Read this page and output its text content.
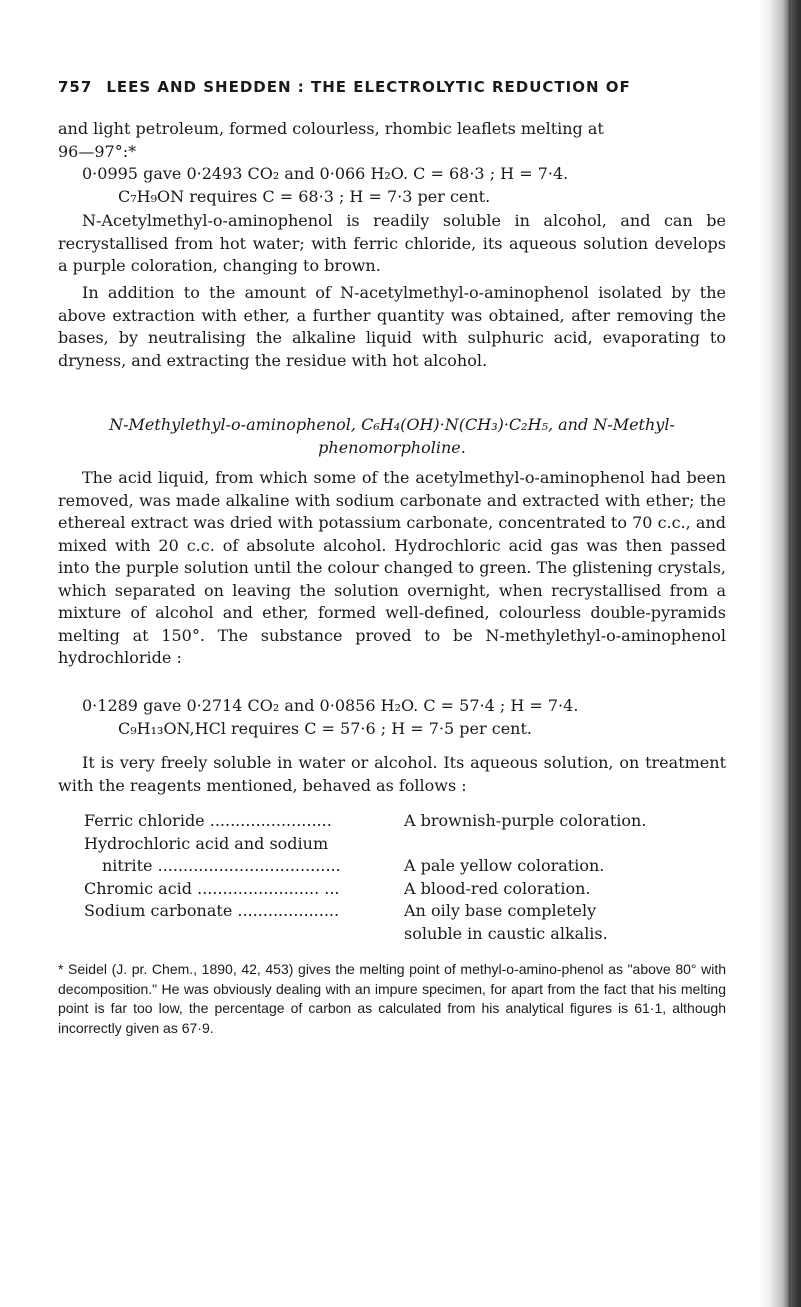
757 LEES AND SHEDDEN : THE ELECTROLYTIC REDUCTION OF
and light petroleum, formed colourless, rhombic leaflets melting at
96—97°:*
0·0995 gave 0·2493 CO₂ and 0·066 H₂O. C = 68·3 ; H = 7·4.
C₇H₉ON requires C = 68·3 ; H = 7·3 per cent.
N-Acetylmethyl-o-aminophenol is readily soluble in alcohol, and can be recrystallised from hot water; with ferric chloride, its aqueous solution develops a purple coloration, changing to brown.
In addition to the amount of N-acetylmethyl-o-aminophenol isolated by the above extraction with ether, a further quantity was obtained, after removing the bases, by neutralising the alkaline liquid with sulphuric acid, evaporating to dryness, and extracting the residue with hot alcohol.
N-Methylethyl-o-aminophenol, C₆H₄(OH)·N(CH₃)·C₂H₅, and N-Methyl-
phenomorpholine.
The acid liquid, from which some of the acetylmethyl-o-aminophenol had been removed, was made alkaline with sodium carbonate and extracted with ether; the ethereal extract was dried with potassium carbonate, concentrated to 70 c.c., and mixed with 20 c.c. of absolute alcohol. Hydrochloric acid gas was then passed into the purple solution until the colour changed to green. The glistening crystals, which separated on leaving the solution overnight, when recrystallised from a mixture of alcohol and ether, formed well-defined, colourless double-pyramids melting at 150°. The substance proved to be N-methylethyl-o-aminophenol hydrochloride :
0·1289 gave 0·2714 CO₂ and 0·0856 H₂O. C = 57·4 ; H = 7·4.
C₉H₁₃ON,HCl requires C = 57·6 ; H = 7·5 per cent.
It is very freely soluble in water or alcohol. Its aqueous solution, on treatment with the reagents mentioned, behaved as follows :
Ferric chloride ........................	A brownish-purple coloration.
Hydrochloric acid and sodium
nitrite ....................................	A pale yellow coloration.
Chromic acid ........................ ...	A blood-red coloration.
Sodium carbonate ....................	An oily base completely
soluble in caustic alkalis.
* Seidel (J. pr. Chem., 1890, 42, 453) gives the melting point of methyl-o-amino-phenol as "above 80° with decomposition." He was obviously dealing with an impure specimen, for apart from the fact that his melting point is far too low, the percentage of carbon as calculated from his analytical figures is 61·1, although incorrectly given as 67·9.
